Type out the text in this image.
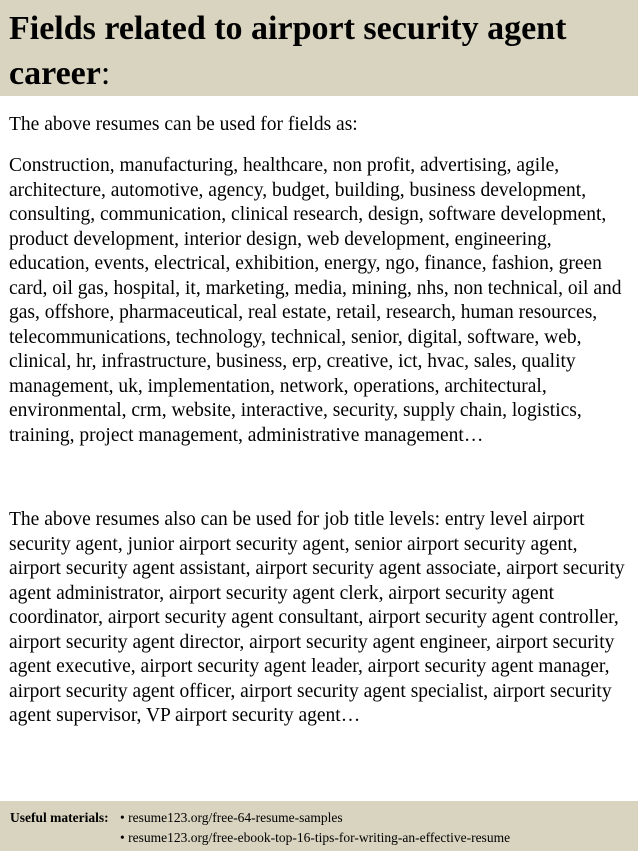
Fields related to airport security agent career:

The above resumes can be used for fields as:

Construction, manufacturing, healthcare, non profit, advertising, agile, architecture, automotive, agency, budget, building, business development, consulting, communication, clinical research, design, software development, product development, interior design, web development, engineering, education, events, electrical, exhibition, energy, ngo, finance, fashion, green card, oil gas, hospital, it, marketing, media, mining, nhs, non technical, oil and gas, offshore, pharmaceutical, real estate, retail, research, human resources, telecommunications, technology, technical, senior, digital, software, web, clinical, hr, infrastructure, business, erp, creative, ict, hvac, sales, quality management, uk, implementation, network, operations, architectural, environmental, crm, website, interactive, security, supply chain, logistics, training, project management, administrative management…

The above resumes also can be used for job title levels: entry level airport security agent, junior airport security agent, senior airport security agent, airport security agent assistant, airport security agent associate, airport security agent administrator, airport security agent clerk, airport security agent coordinator, airport security agent consultant, airport security agent controller, airport security agent director, airport security agent engineer, airport security agent executive, airport security agent leader, airport security agent manager, airport security agent officer, airport security agent specialist, airport security agent supervisor, VP airport security agent…

Useful materials: • resume123.org/free-64-resume-samples
• resume123.org/free-ebook-top-16-tips-for-writing-an-effective-resume
